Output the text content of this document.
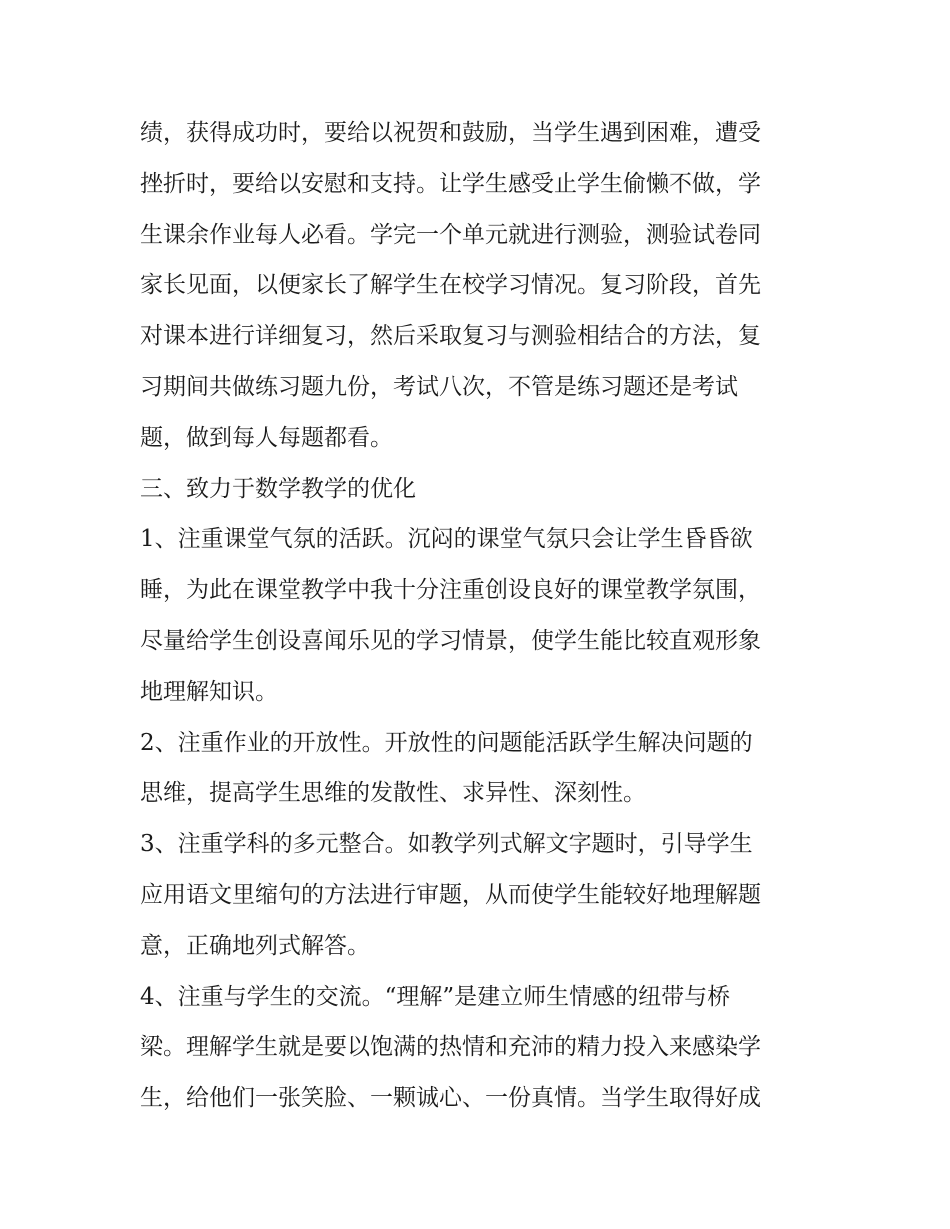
绩，获得成功时，要给以祝贺和鼓励，当学生遇到困难，遭受
挫折时，要给以安慰和支持。让学生感受止学生偷懒不做，学
生课余作业每人必看。学完一个单元就进行测验，测验试卷同
家长见面，以便家长了解学生在校学习情况。复习阶段，首先
对课本进行详细复习，然后采取复习与测验相结合的方法，复
习期间共做练习题九份，考试八次，不管是练习题还是考试
题，做到每人每题都看。
三、致力于数学教学的优化
1、注重课堂气氛的活跃。沉闷的课堂气氛只会让学生昏昏欲
睡，为此在课堂教学中我十分注重创设良好的课堂教学氛围，
尽量给学生创设喜闻乐见的学习情景，使学生能比较直观形象
地理解知识。
2、注重作业的开放性。开放性的问题能活跃学生解决问题的
思维，提高学生思维的发散性、求异性、深刻性。
3、注重学科的多元整合。如教学列式解文字题时，引导学生
应用语文里缩句的方法进行审题，从而使学生能较好地理解题
意，正确地列式解答。
4、注重与学生的交流。“理解”是建立师生情感的纽带与桥
梁。理解学生就是要以饱满的热情和充沛的精力投入来感染学
生，给他们一张笑脸、一颗诚心、一份真情。当学生取得好成
